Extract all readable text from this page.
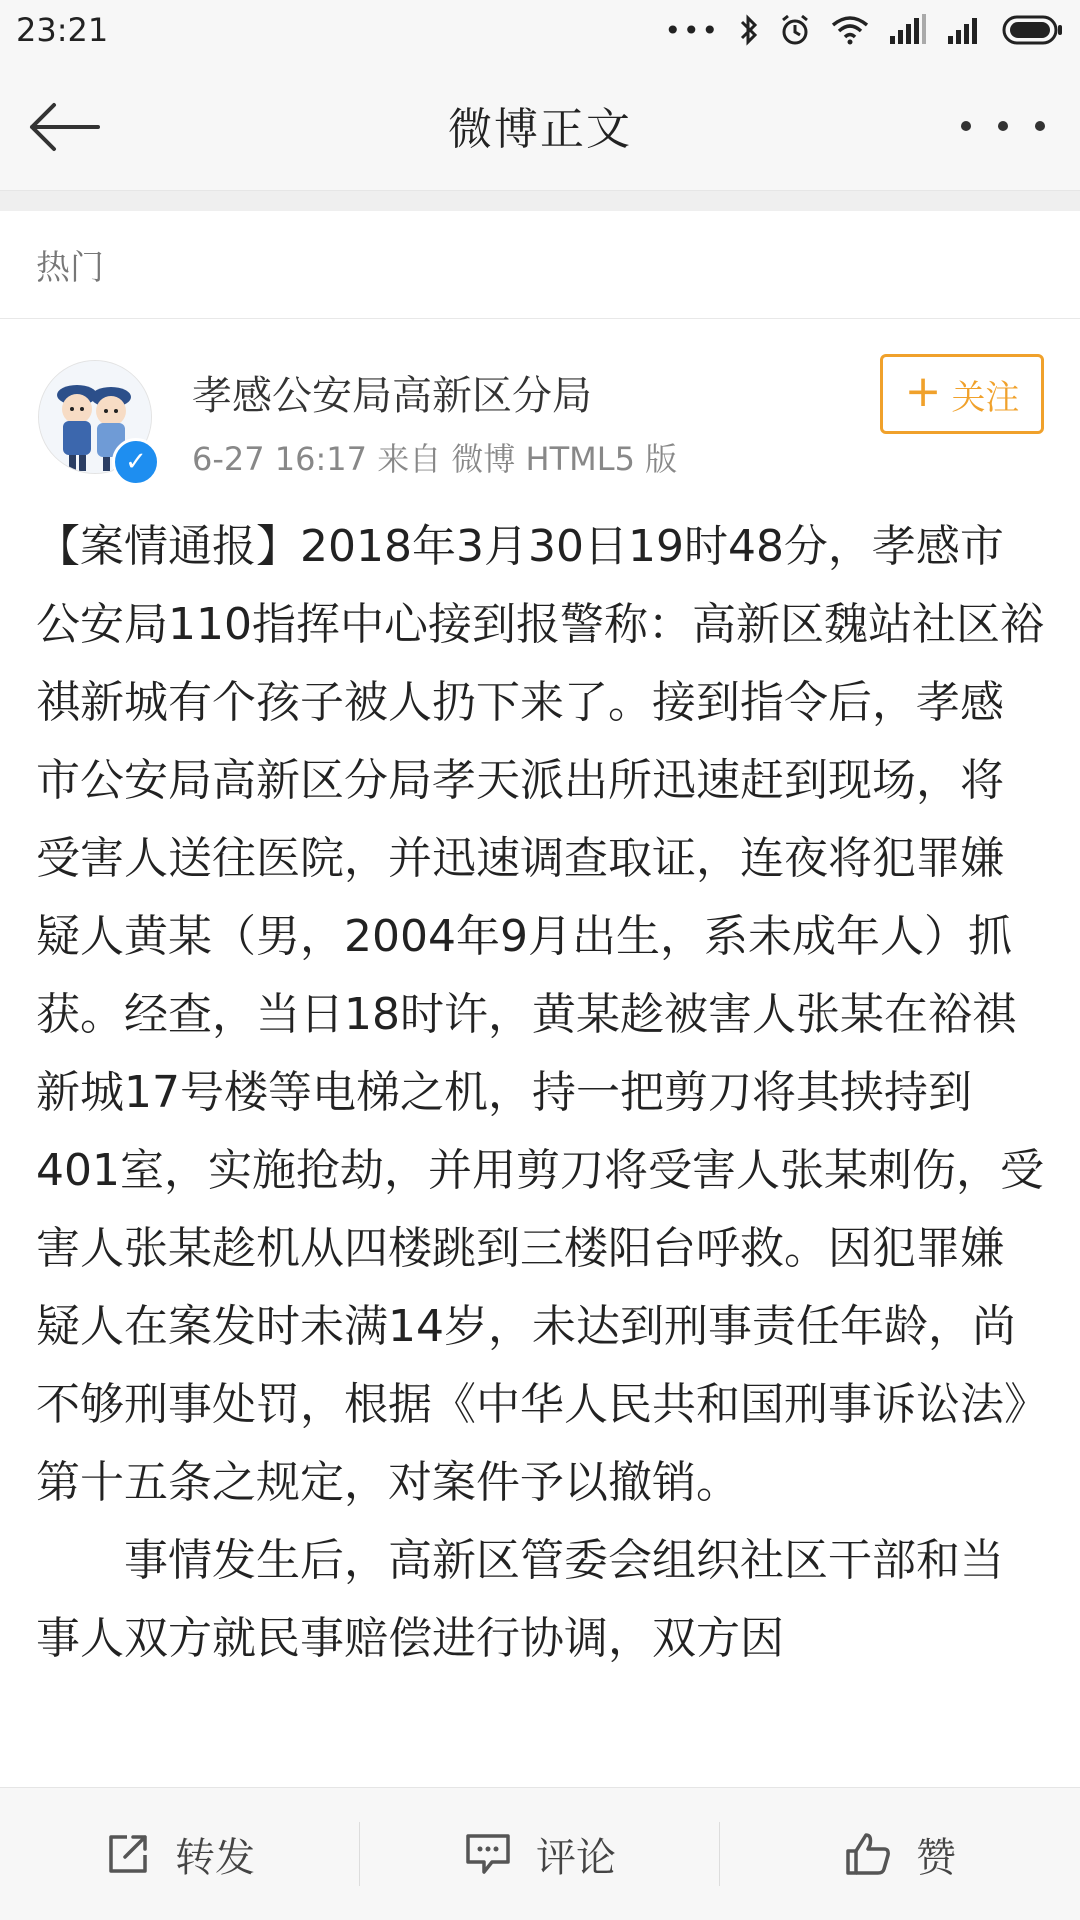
23:21	•••
微博正文
热门
✓
孝感公安局高新区分局
6-27 16:17 来自 微博 HTML5 版
+ 关注

【案情通报】2018年3月30日19时48分，孝感市公安局110指挥中心接到报警称：高新区魏站社区裕祺新城有个孩子被人扔下来了。接到指令后，孝感市公安局高新区分局孝天派出所迅速赶到现场，将受害人送往医院，并迅速调查取证，连夜将犯罪嫌疑人黄某（男，2004年9月出生，系未成年人）抓获。经查，当日18时许，黄某趁被害人张某在裕祺新城17号楼等电梯之机，持一把剪刀将其挟持到401室，实施抢劫，并用剪刀将受害人张某刺伤，受害人张某趁机从四楼跳到三楼阳台呼救。因犯罪嫌疑人在案发时未满14岁，未达到刑事责任年龄，尚不够刑事处罚，根据《中华人民共和国刑事诉讼法》第十五条之规定，对案件予以撤销。

事情发生后，高新区管委会组织社区干部和当事人双方就民事赔偿进行协调，双方因

转发	评论	赞
